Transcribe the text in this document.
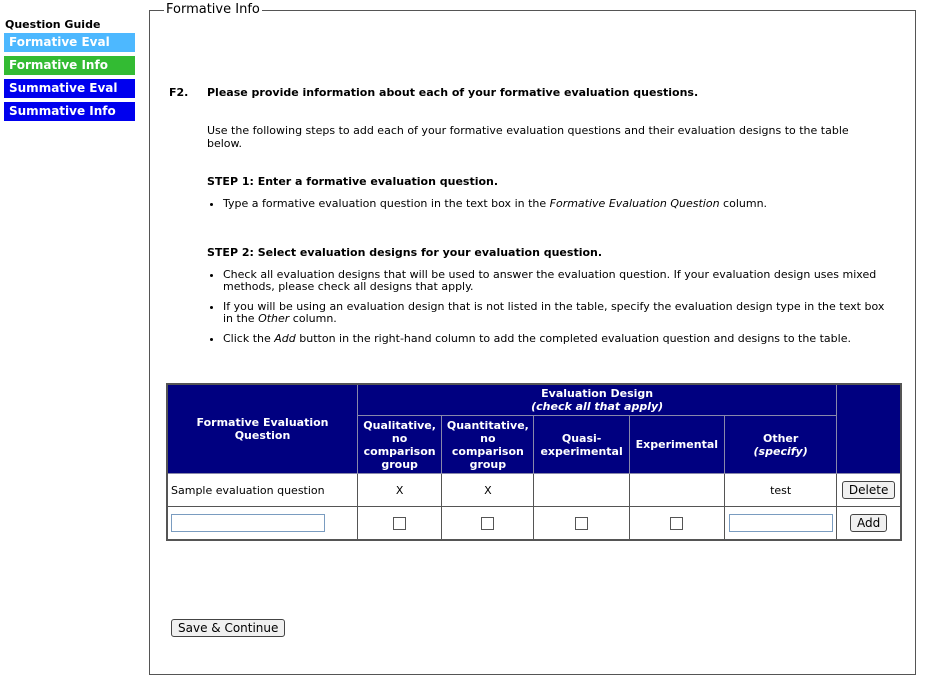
Question Guide
Formative Eval
Formative Info
Summative Eval
Summative Info
Formative Info
F2. Please provide information about each of your formative evaluation questions.
Use the following steps to add each of your formative evaluation questions and their evaluation designs to the table below.
STEP 1: Enter a formative evaluation question.
• Type a formative evaluation question in the text box in the Formative Evaluation Question column.
STEP 2: Select evaluation designs for your evaluation question.
• Check all evaluation designs that will be used to answer the evaluation question. If your evaluation design uses mixed methods, please check all designs that apply.
• If you will be using an evaluation design that is not listed in the table, specify the evaluation design type in the text box in the Other column.
• Click the Add button in the right-hand column to add the completed evaluation question and designs to the table.
Formative Evaluation Question	Evaluation Design
(check all that apply)					

	Qualitative, no comparison group	Quantitative, no comparison group	Quasi-experimental	Experimental	Other
(specify)	

Sample evaluation question	X	X			test	Delete
						Add
Save & Continue
